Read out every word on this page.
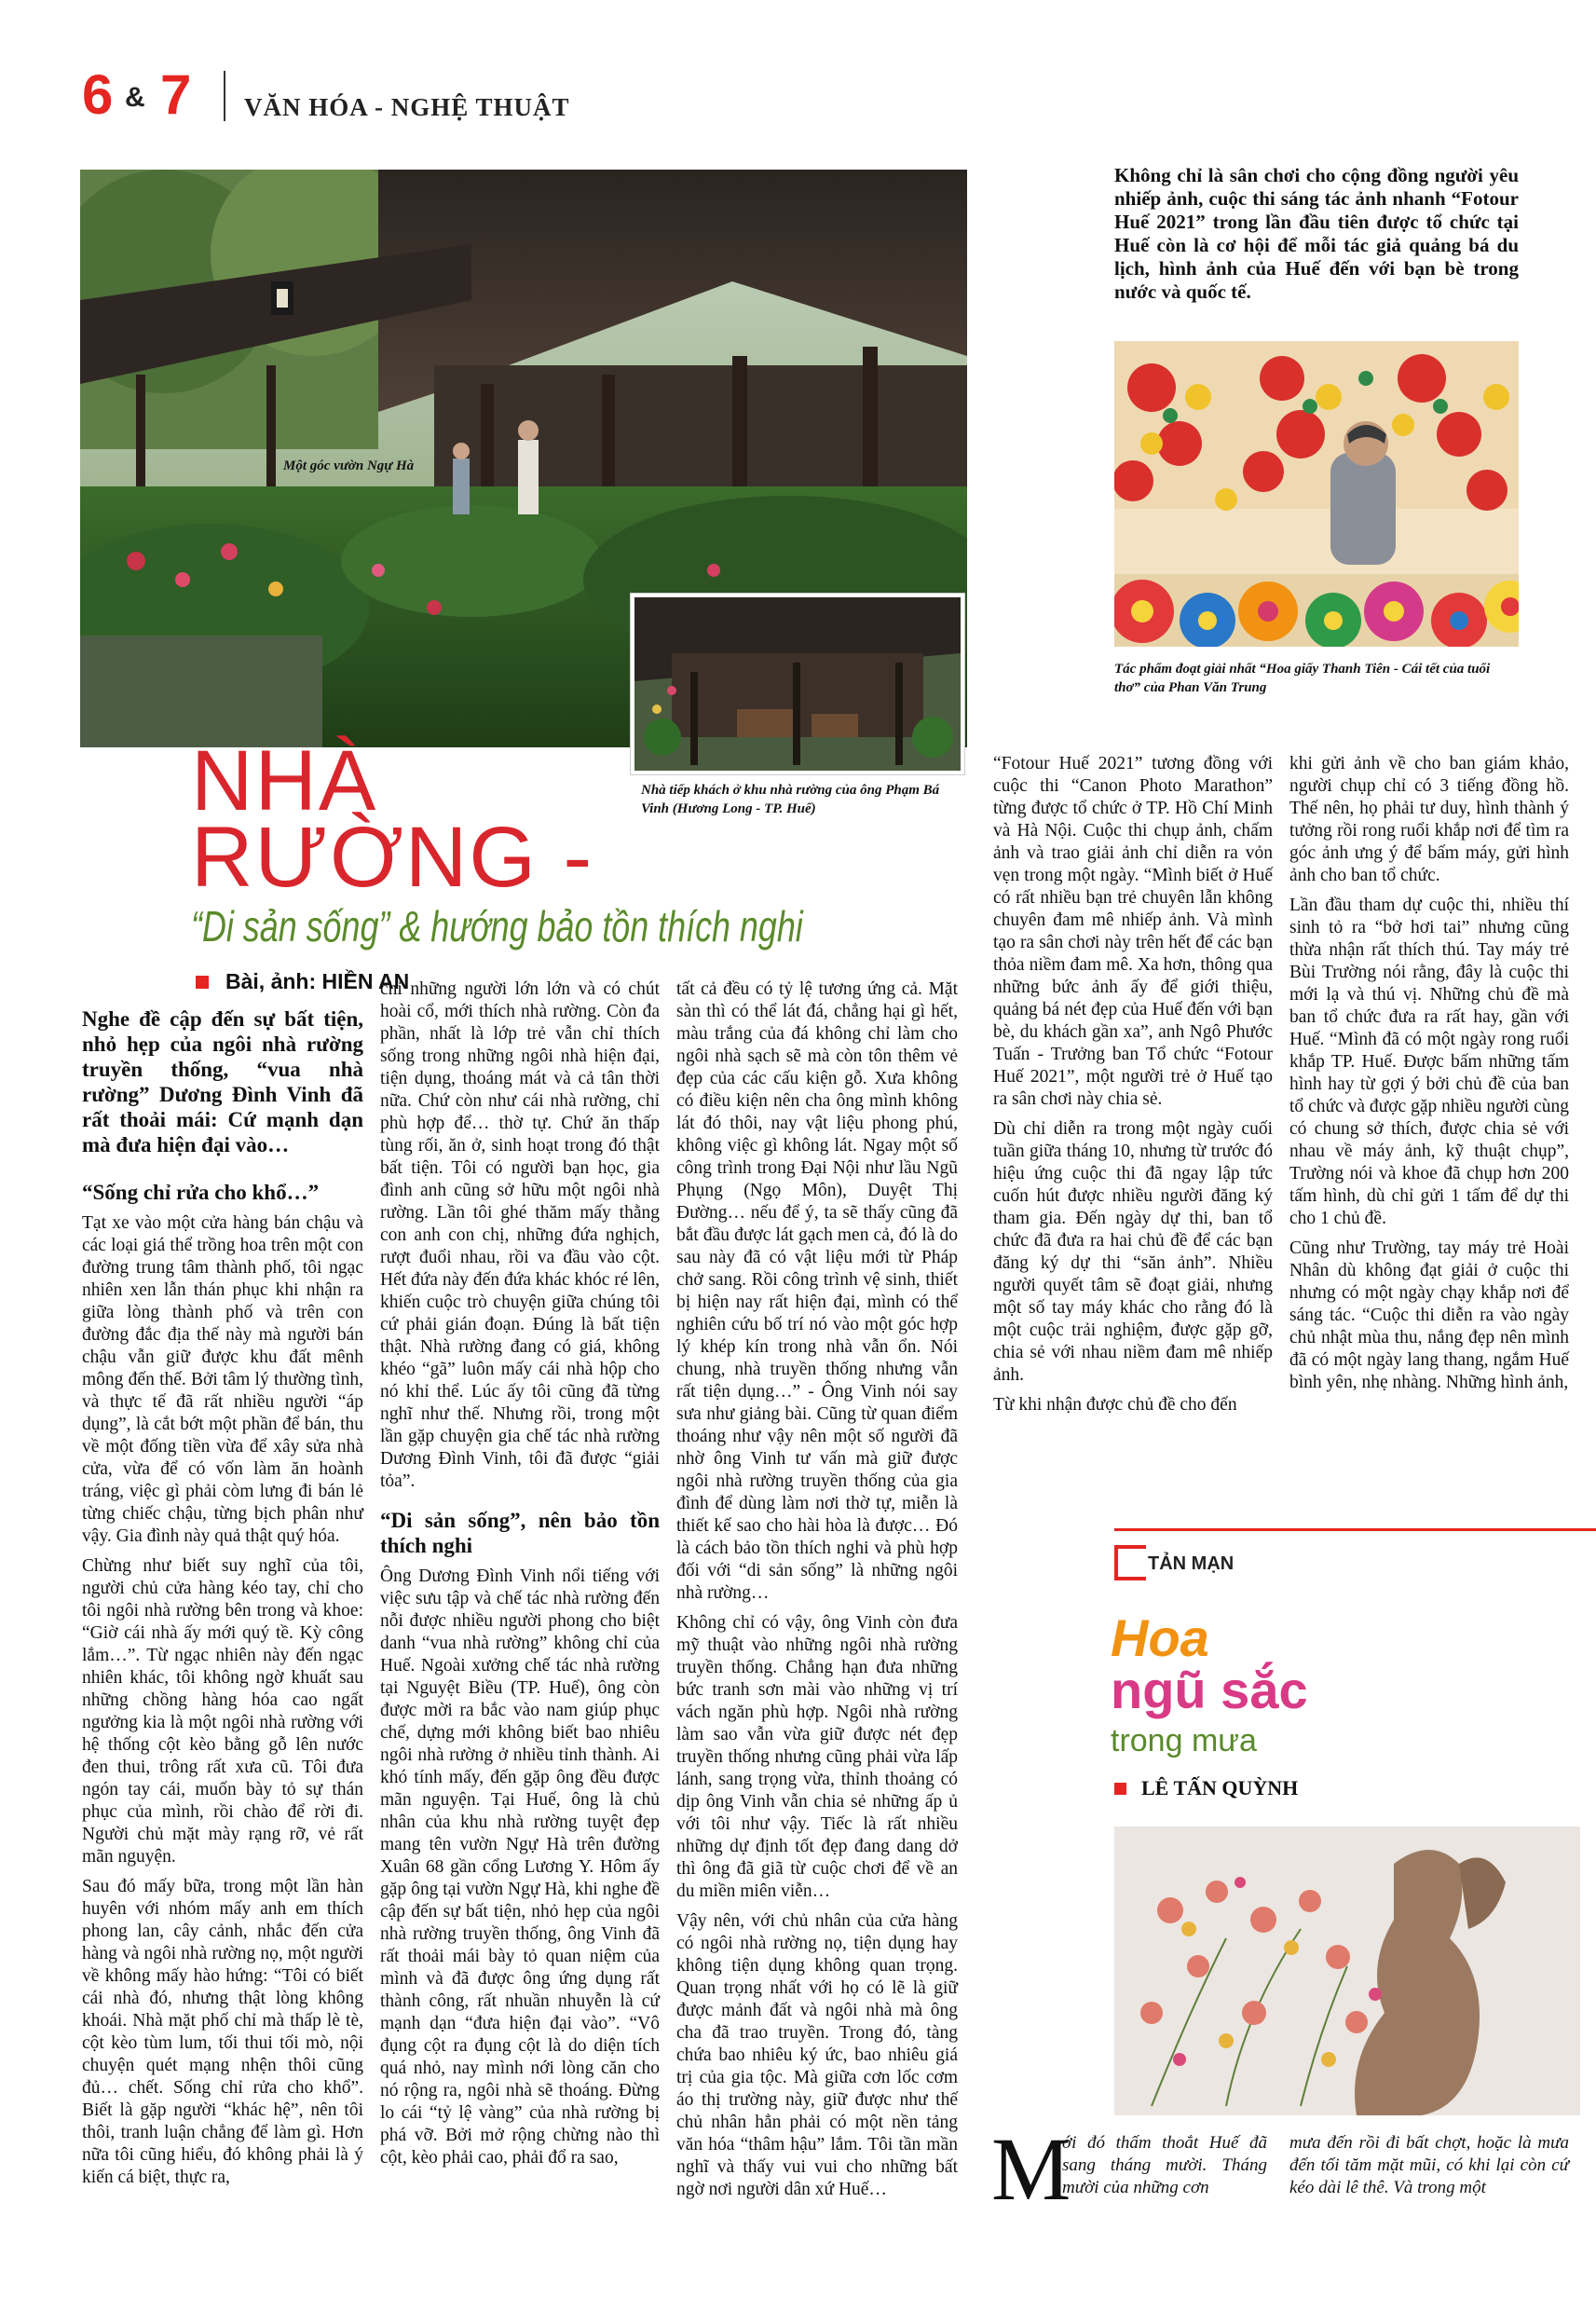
6 & 7 VĂN HÓA - NGHỆ THUẬT
Một góc vườn Ngự Hà
Nhà tiếp khách ở khu nhà rường của ông Phạm Bá Vinh (Hương Long - TP. Huế)
NHÀ
RƯỜNG -
“Di sản sống” & hướng bảo tồn thích nghi
Bài, ảnh: HIỀN AN

Nghe đề cập đến sự bất tiện, nhỏ hẹp của ngôi nhà rường truyền thống, “vua nhà rường” Dương Đình Vinh đã rất thoải mái: Cứ mạnh dạn mà đưa hiện đại vào…

“Sống chỉ rửa cho khổ…”

Tạt xe vào một cửa hàng bán chậu và các loại giá thể trồng hoa trên một con đường trung tâm thành phố, tôi ngạc nhiên xen lẫn thán phục khi nhận ra giữa lòng thành phố và trên con đường đắc địa thế này mà người bán chậu vẫn giữ được khu đất mênh mông đến thế. Bởi tâm lý thường tình, và thực tế đã rất nhiều người “áp dụng”, là cắt bớt một phần để bán, thu về một đống tiền vừa để xây sửa nhà cửa, vừa để có vốn làm ăn hoành tráng, việc gì phải còm lưng đi bán lẻ từng chiếc chậu, từng bịch phân như vậy. Gia đình này quả thật quý hóa.

Chừng như biết suy nghĩ của tôi, người chủ cửa hàng kéo tay, chỉ cho tôi ngôi nhà rường bên trong và khoe: “Giờ cái nhà ấy mới quý tề. Kỳ công lắm…”. Từ ngạc nhiên này đến ngạc nhiên khác, tôi không ngờ khuất sau những chồng hàng hóa cao ngất ngưởng kia là một ngôi nhà rường với hệ thống cột kèo bằng gỗ lên nước đen thui, trông rất xưa cũ. Tôi đưa ngón tay cái, muốn bày tỏ sự thán phục của mình, rồi chào để rời đi. Người chủ mặt mày rạng rỡ, vẻ rất mãn nguyện.

Sau đó mấy bữa, trong một lần hàn huyên với nhóm mấy anh em thích phong lan, cây cảnh, nhắc đến cửa hàng và ngôi nhà rường nọ, một người về không mấy hào hứng: “Tôi có biết cái nhà đó, nhưng thật lòng không khoái. Nhà mặt phố chỉ mà thấp lè tè, cột kèo tùm lum, tối thui tối mò, nội chuyện quét mạng nhện thôi cũng đủ… chết. Sống chỉ rửa cho khổ”. Biết là gặp người “khác hệ”, nên tôi thôi, tranh luận chẳng để làm gì. Hơn nữa tôi cũng hiểu, đó không phải là ý kiến cá biệt, thực ra,

chỉ những người lớn lớn và có chút hoài cổ, mới thích nhà rường. Còn đa phần, nhất là lớp trẻ vẫn chỉ thích sống trong những ngôi nhà hiện đại, tiện dụng, thoáng mát và cả tân thời nữa. Chứ còn như cái nhà rường, chỉ phù hợp để… thờ tự. Chứ ăn thấp tùng rối, ăn ở, sinh hoạt trong đó thật bất tiện. Tôi có người bạn học, gia đình anh cũng sở hữu một ngôi nhà rường. Lần tôi ghé thăm mấy thằng con anh con chị, những đứa nghịch, rượt đuổi nhau, rồi va đầu vào cột. Hết đứa này đến đứa khác khóc ré lên, khiến cuộc trò chuyện giữa chúng tôi cứ phải gián đoạn. Đúng là bất tiện thật. Nhà rường đang có giá, không khéo “gã” luôn mấy cái nhà hộp cho nó khỉ thể. Lúc ấy tôi cũng đã từng nghĩ như thế. Nhưng rồi, trong một lần gặp chuyện gia chế tác nhà rường Dương Đình Vinh, tôi đã được “giải tỏa”.

“Di sản sống”, nên bảo tồn thích nghi

Ông Dương Đình Vinh nổi tiếng với việc sưu tập và chế tác nhà rường đến nỗi được nhiều người phong cho biệt danh “vua nhà rường” không chỉ của Huế. Ngoài xưởng chế tác nhà rường tại Nguyệt Biều (TP. Huế), ông còn được mời ra bắc vào nam giúp phục chế, dựng mới không biết bao nhiêu ngôi nhà rường ở nhiều tỉnh thành. Ai khó tính mấy, đến gặp ông đều được mãn nguyện. Tại Huế, ông là chủ nhân của khu nhà rường tuyệt đẹp mang tên vườn Ngự Hà trên đường Xuân 68 gần cổng Lương Y. Hôm ấy gặp ông tại vườn Ngự Hà, khi nghe đề cập đến sự bất tiện, nhỏ hẹp của ngôi nhà rường truyền thống, ông Vinh đã rất thoải mái bày tỏ quan niệm của mình và đã được ông ứng dụng rất thành công, rất nhuần nhuyễn là cứ mạnh dạn “đưa hiện đại vào”. “Vô đụng cột ra đụng cột là do diện tích quá nhỏ, nay mình nới lòng căn cho nó rộng ra, ngôi nhà sẽ thoáng. Đừng lo cái “tỷ lệ vàng” của nhà rường bị phá vỡ. Bởi mở rộng chừng nào thì cột, kèo phải cao, phải đổ ra sao,

tất cả đều có tỷ lệ tương ứng cả. Mặt sàn thì có thể lát đá, chẳng hại gì hết, màu trắng của đá không chỉ làm cho ngôi nhà sạch sẽ mà còn tôn thêm vẻ đẹp của các cấu kiện gỗ. Xưa không có điều kiện nên cha ông mình không lát đó thôi, nay vật liệu phong phú, không việc gì không lát. Ngay một số công trình trong Đại Nội như lầu Ngũ Phụng (Ngọ Môn), Duyệt Thị Đường… nếu để ý, ta sẽ thấy cũng đã bắt đầu được lát gạch men cả, đó là do sau này đã có vật liệu mới từ Pháp chở sang. Rồi công trình vệ sinh, thiết bị hiện nay rất hiện đại, mình có thể nghiên cứu bố trí nó vào một góc hợp lý khép kín trong nhà vẫn ổn. Nói chung, nhà truyền thống nhưng vẫn rất tiện dụng…” - Ông Vinh nói say sưa như giảng bài. Cũng từ quan điểm thoáng như vậy nên một số người đã nhờ ông Vinh tư vấn mà giữ được ngôi nhà rường truyền thống của gia đình để dùng làm nơi thờ tự, miễn là thiết kế sao cho hài hòa là được… Đó là cách bảo tồn thích nghi và phù hợp đối với “di sản sống” là những ngôi nhà rường…

Không chỉ có vậy, ông Vinh còn đưa mỹ thuật vào những ngôi nhà rường truyền thống. Chẳng hạn đưa những bức tranh sơn mài vào những vị trí vách ngăn phù hợp. Ngôi nhà rường làm sao vẫn vừa giữ được nét đẹp truyền thống nhưng cũng phải vừa lấp lánh, sang trọng vừa, thỉnh thoảng có dịp ông Vinh vẫn chia sẻ những ấp ủ với tôi như vậy. Tiếc là rất nhiều những dự định tốt đẹp đang dang dở thì ông đã giã từ cuộc chơi để về an du miền miên viễn…

Vậy nên, với chủ nhân của cửa hàng có ngôi nhà rường nọ, tiện dụng hay không tiện dụng không quan trọng. Quan trọng nhất với họ có lẽ là giữ được mảnh đất và ngôi nhà mà ông cha đã trao truyền. Trong đó, tàng chứa bao nhiêu ký ức, bao nhiêu giá trị của gia tộc. Mà giữa cơn lốc cơm áo thị trường này, giữ được như thế chủ nhân hẳn phải có một nền tảng văn hóa “thâm hậu” lắm. Tôi tần mần nghĩ và thấy vui vui cho những bất ngờ nơi người dân xứ Huế…

Không chỉ là sân chơi cho cộng đồng người yêu nhiếp ảnh, cuộc thi sáng tác ảnh nhanh “Fotour Huế 2021” trong lần đầu tiên được tổ chức tại Huế còn là cơ hội để mỗi tác giả quảng bá du lịch, hình ảnh của Huế đến với bạn bè trong nước và quốc tế.
Tác phẩm đoạt giải nhất “Hoa giấy Thanh Tiên - Cái tết của tuổi thơ” của Phan Văn Trung

“Fotour Huế 2021” tương đồng với cuộc thi “Canon Photo Marathon” từng được tổ chức ở TP. Hồ Chí Minh và Hà Nội. Cuộc thi chụp ảnh, chấm ảnh và trao giải ảnh chỉ diễn ra vỏn vẹn trong một ngày. “Mình biết ở Huế có rất nhiều bạn trẻ chuyên lẫn không chuyên đam mê nhiếp ảnh. Và mình tạo ra sân chơi này trên hết để các bạn thỏa niềm đam mê. Xa hơn, thông qua những bức ảnh ấy để giới thiệu, quảng bá nét đẹp của Huế đến với bạn bè, du khách gần xa”, anh Ngô Phước Tuấn - Trưởng ban Tổ chức “Fotour Huế 2021”, một người trẻ ở Huế tạo ra sân chơi này chia sẻ.

Dù chỉ diễn ra trong một ngày cuối tuần giữa tháng 10, nhưng từ trước đó hiệu ứng cuộc thi đã ngay lập tức cuốn hút được nhiều người đăng ký tham gia. Đến ngày dự thi, ban tổ chức đã đưa ra hai chủ đề để các bạn đăng ký dự thi “săn ảnh”. Nhiều người quyết tâm sẽ đoạt giải, nhưng một số tay máy khác cho rằng đó là một cuộc trải nghiệm, được gặp gỡ, chia sẻ với nhau niềm đam mê nhiếp ảnh.

Từ khi nhận được chủ đề cho đến

khi gửi ảnh về cho ban giám khảo, người chụp chỉ có 3 tiếng đồng hồ. Thế nên, họ phải tư duy, hình thành ý tưởng rồi rong ruổi khắp nơi để tìm ra góc ảnh ưng ý để bấm máy, gửi hình ảnh cho ban tổ chức.

Lần đầu tham dự cuộc thi, nhiều thí sinh tỏ ra “bở hơi tai” nhưng cũng thừa nhận rất thích thú. Tay máy trẻ Bùi Trường nói rằng, đây là cuộc thi mới lạ và thú vị. Những chủ đề mà ban tổ chức đưa ra rất hay, gần với Huế. “Mình đã có một ngày rong ruổi khắp TP. Huế. Được bấm những tấm hình hay từ gợi ý bởi chủ đề của ban tổ chức và được gặp nhiều người cùng có chung sở thích, được chia sẻ với nhau về máy ảnh, kỹ thuật chụp”, Trường nói và khoe đã chụp hơn 200 tấm hình, dù chỉ gửi 1 tấm để dự thi cho 1 chủ đề.

Cũng như Trường, tay máy trẻ Hoài Nhân dù không đạt giải ở cuộc thi nhưng có một ngày chạy khắp nơi để sáng tác. “Cuộc thi diễn ra vào ngày chủ nhật mùa thu, nắng đẹp nên mình đã có một ngày lang thang, ngắm Huế bình yên, nhẹ nhàng. Những hình ảnh,

TẢN MẠN
Hoa
ngũ sắc
trong mưa
LÊ TẤN QUỲNH
M
ới đó thấm thoắt Huế đã sang tháng mười. Tháng mười của những cơn
mưa đến rồi đi bất chợt, hoặc là mưa đến tối tăm mặt mũi, có khi lại còn cứ kéo dài lê thê. Và trong một
